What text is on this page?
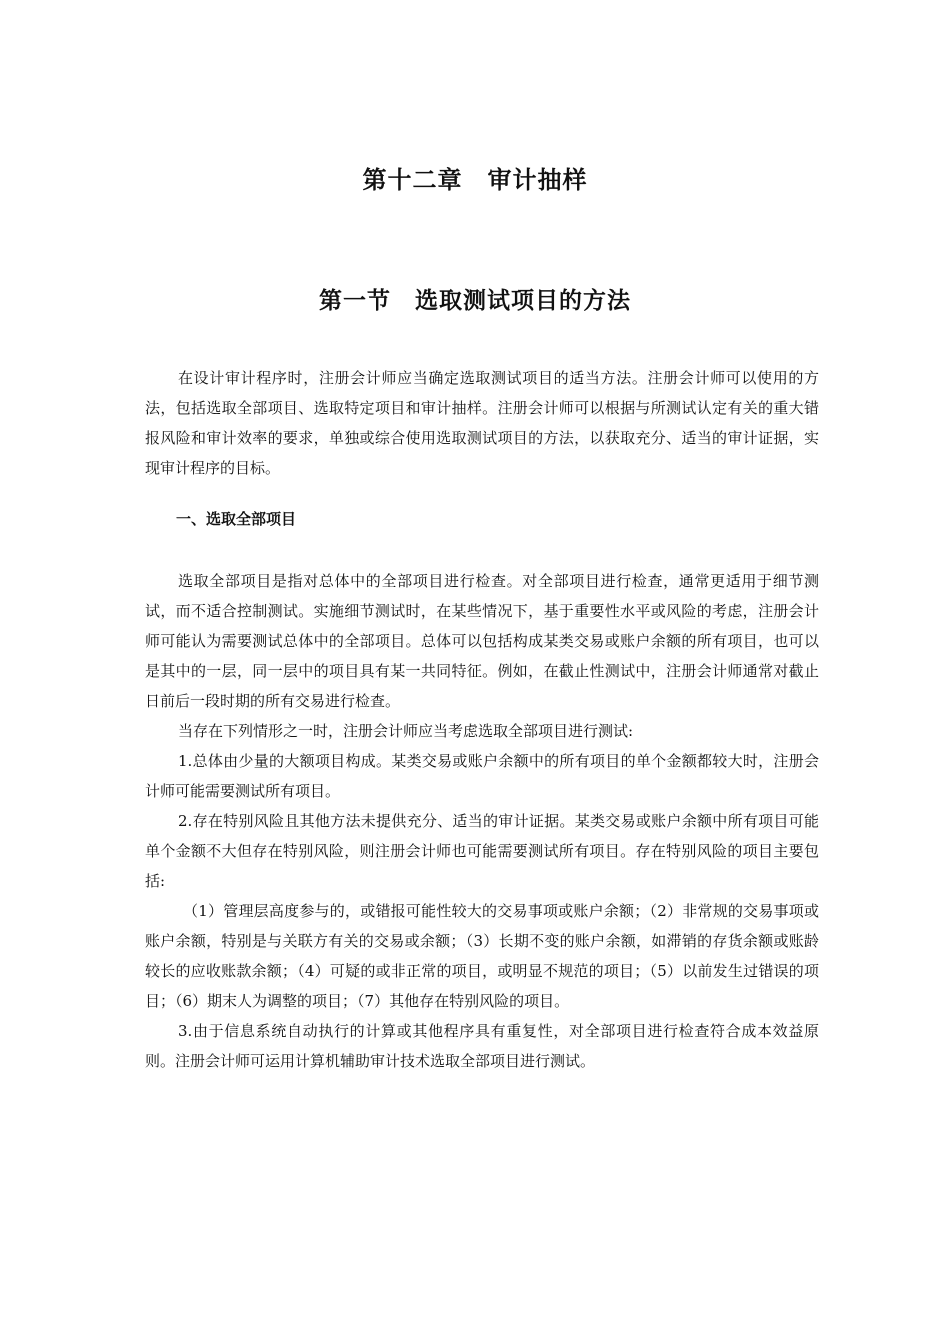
第十二章　审计抽样
第一节　选取测试项目的方法

在设计审计程序时，注册会计师应当确定选取测试项目的适当方法。注册会计师可以使用的方法，包括选取全部项目、选取特定项目和审计抽样。注册会计师可以根据与所测试认定有关的重大错报风险和审计效率的要求，单独或综合使用选取测试项目的方法，以获取充分、适当的审计证据，实现审计程序的目标。

一、选取全部项目

选取全部项目是指对总体中的全部项目进行检查。对全部项目进行检查，通常更适用于细节测试，而不适合控制测试。实施细节测试时，在某些情况下，基于重要性水平或风险的考虑，注册会计师可能认为需要测试总体中的全部项目。总体可以包括构成某类交易或账户余额的所有项目，也可以是其中的一层，同一层中的项目具有某一共同特征。例如，在截止性测试中，注册会计师通常对截止日前后一段时期的所有交易进行检查。

当存在下列情形之一时，注册会计师应当考虑选取全部项目进行测试:

1.总体由少量的大额项目构成。某类交易或账户余额中的所有项目的单个金额都较大时，注册会计师可能需要测试所有项目。

2.存在特别风险且其他方法未提供充分、适当的审计证据。某类交易或账户余额中所有项目可能单个金额不大但存在特别风险，则注册会计师也可能需要测试所有项目。存在特别风险的项目主要包括:

（1）管理层高度参与的，或错报可能性较大的交易事项或账户余额；（2）非常规的交易事项或账户余额，特别是与关联方有关的交易或余额；（3）长期不变的账户余额，如滞销的存货余额或账龄较长的应收账款余额；（4）可疑的或非正常的项目，或明显不规范的项目；（5）以前发生过错误的项目；（6）期末人为调整的项目；（7）其他存在特别风险的项目。

3.由于信息系统自动执行的计算或其他程序具有重复性，对全部项目进行检查符合成本效益原则。注册会计师可运用计算机辅助审计技术选取全部项目进行测试。
